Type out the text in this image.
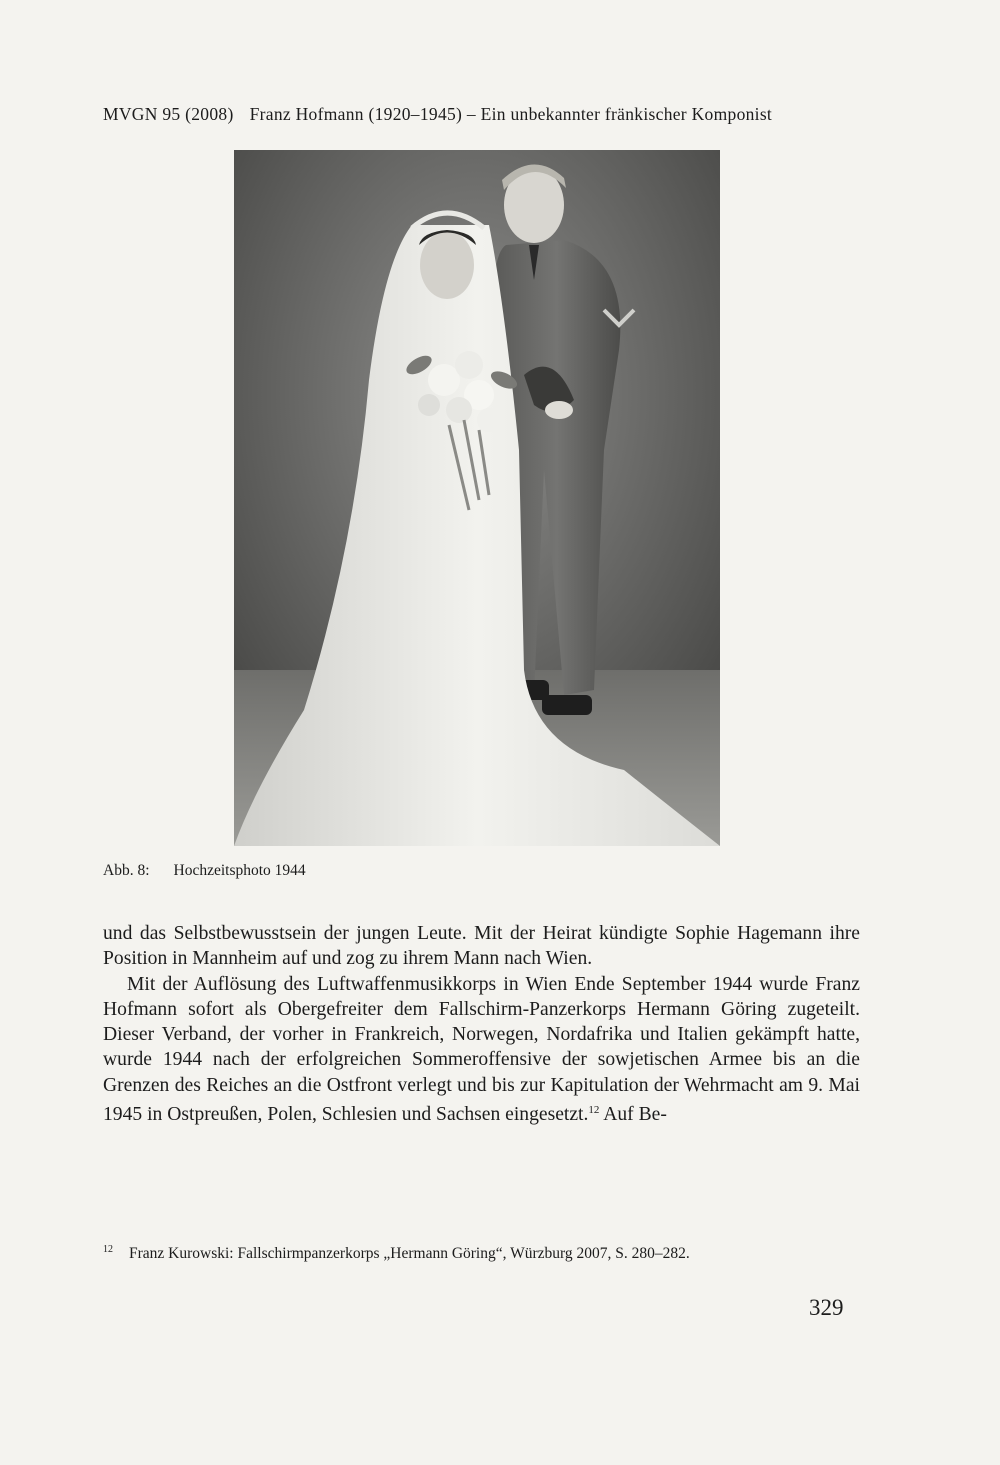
MVGN 95 (2008) Franz Hofmann (1920–1945) – Ein unbekannter fränkischer Komponist
Abb. 8: Hochzeitsphoto 1944

und das Selbstbewusstsein der jungen Leute. Mit der Heirat kündigte Sophie Hagemann ihre Position in Mannheim auf und zog zu ihrem Mann nach Wien.

Mit der Auflösung des Luftwaffenmusikkorps in Wien Ende September 1944 wurde Franz Hofmann sofort als Obergefreiter dem Fallschirm-Panzerkorps Hermann Göring zugeteilt. Dieser Verband, der vorher in Frankreich, Norwegen, Nordafrika und Italien gekämpft hatte, wurde 1944 nach der erfolgreichen Sommeroffensive der sowjetischen Armee bis an die Grenzen des Reiches an die Ostfront verlegt und bis zur Kapitulation der Wehrmacht am 9. Mai 1945 in Ostpreußen, Polen, Schlesien und Sachsen eingesetzt.$^{12}$ Auf Be-

$^{12}$ Franz Kurowski: Fallschirmpanzerkorps „Hermann Göring“, Würzburg 2007, S. 280–282.
329
